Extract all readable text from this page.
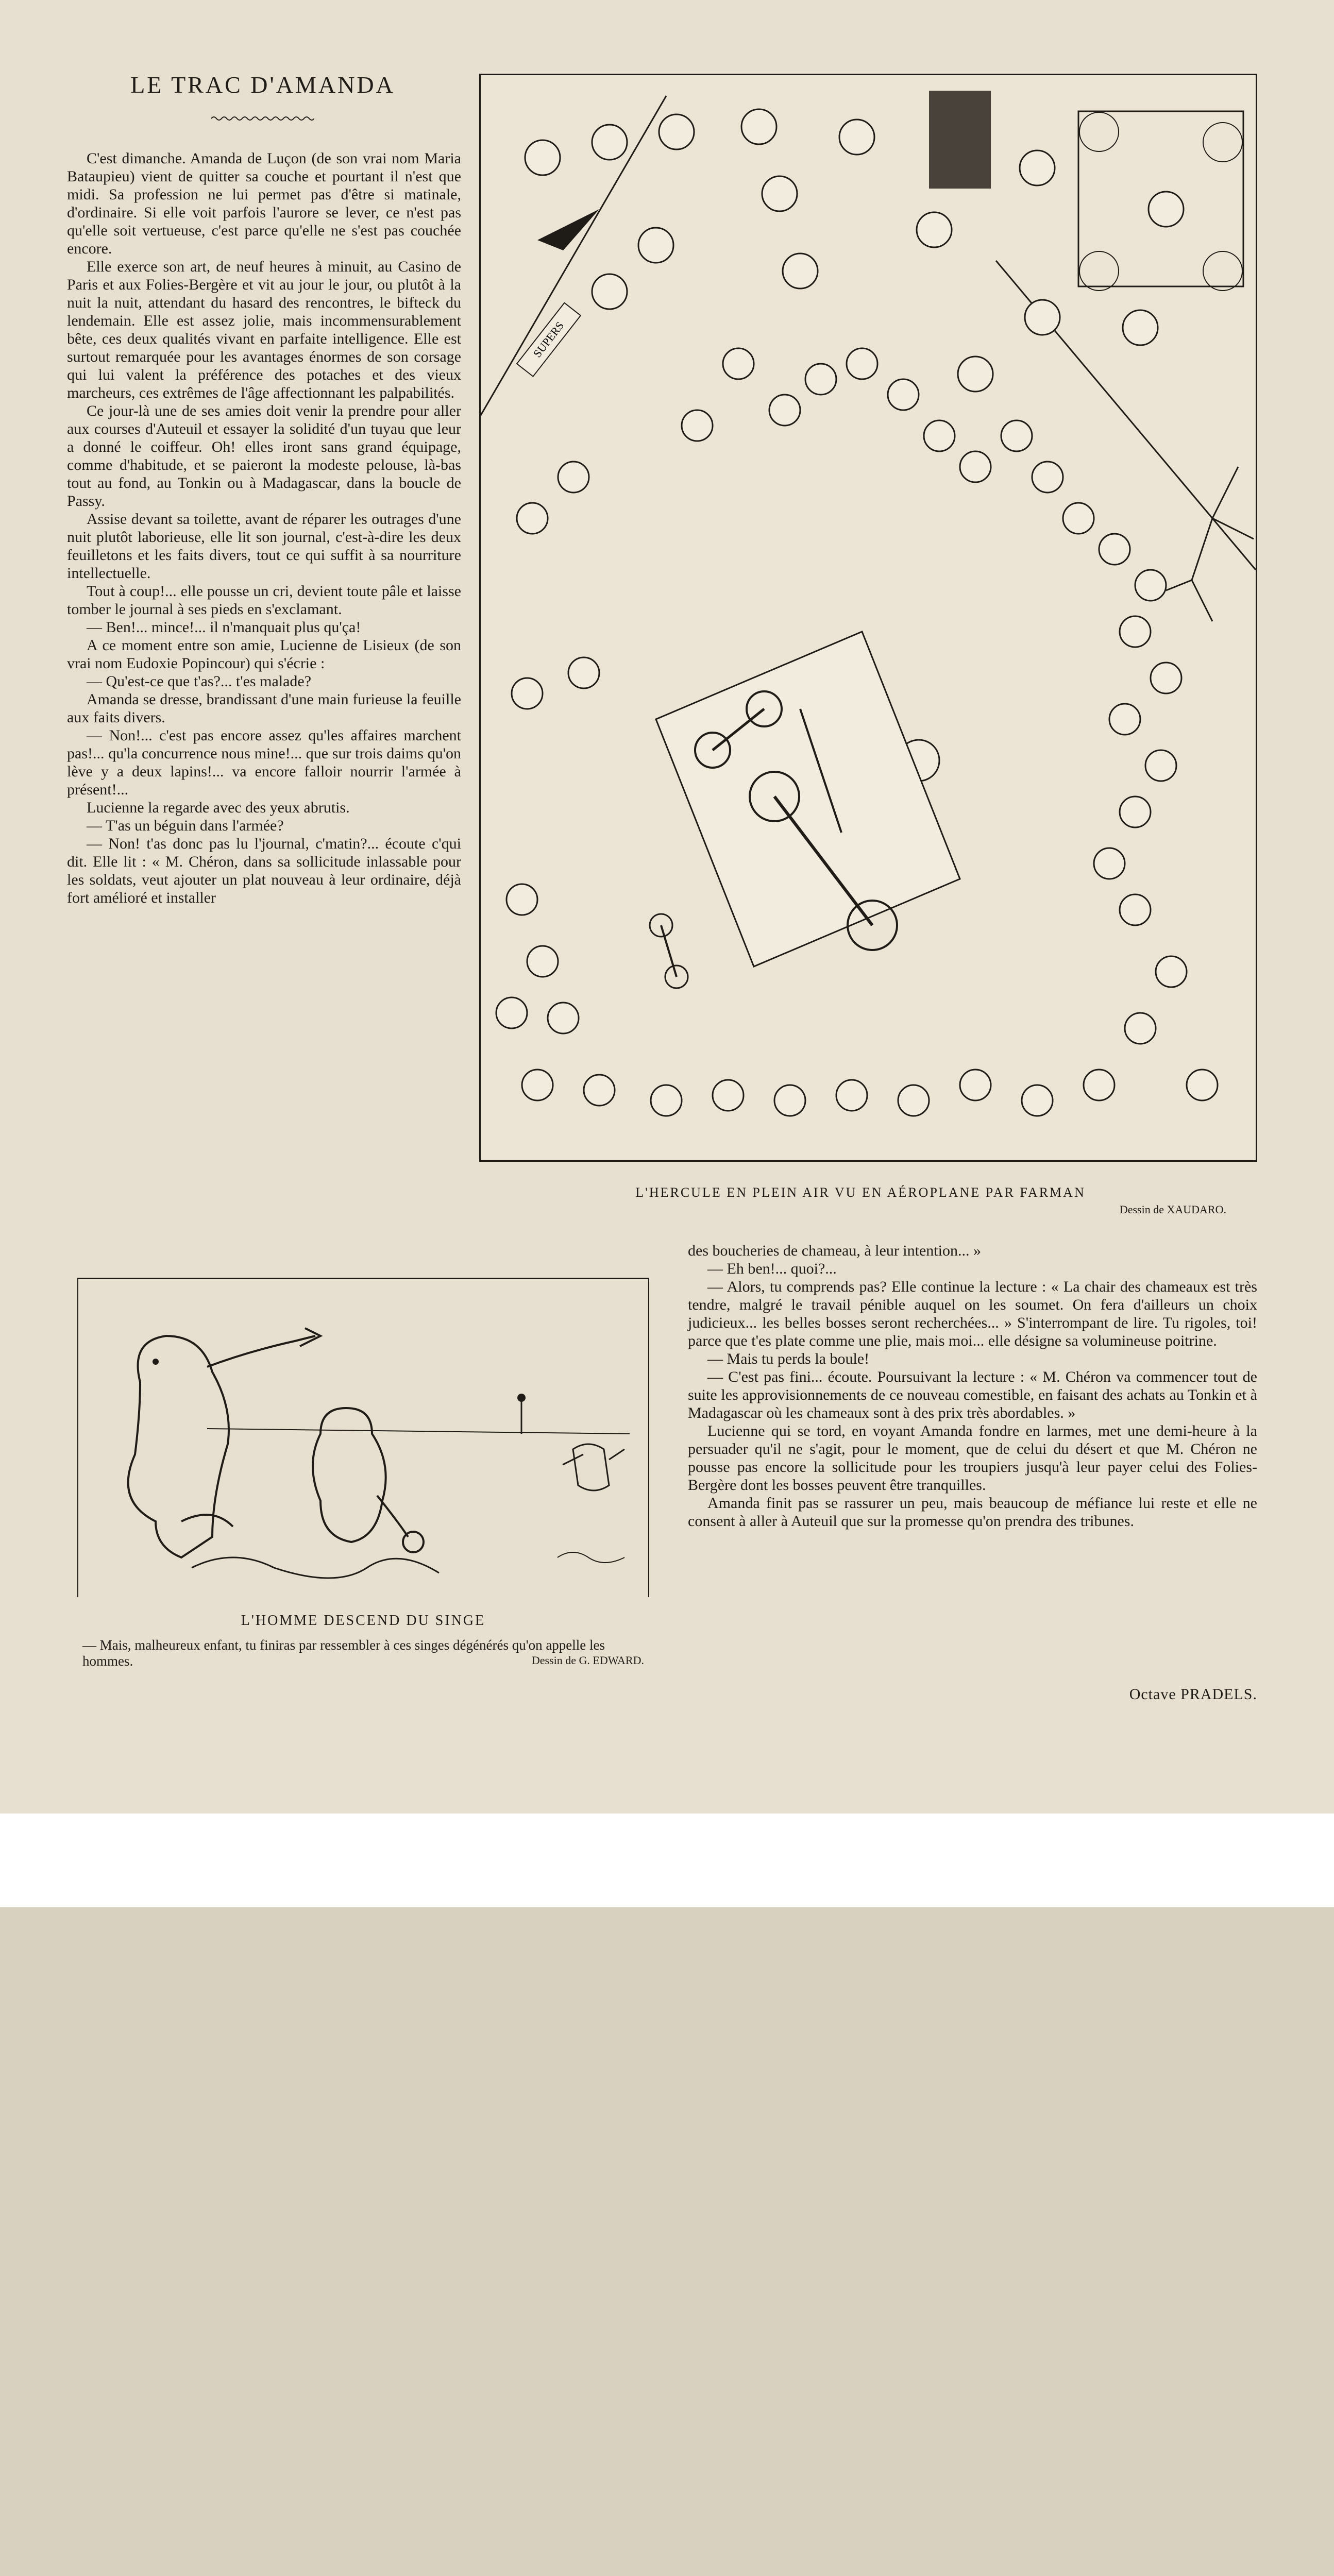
LE TRAC D'AMANDA

C'est dimanche. Amanda de Luçon (de son vrai nom Maria Bataupieu) vient de quitter sa couche et pourtant il n'est que midi. Sa profession ne lui permet pas d'être si matinale, d'ordinaire. Si elle voit parfois l'aurore se lever, ce n'est pas qu'elle soit vertueuse, c'est parce qu'elle ne s'est pas couchée encore.

Elle exerce son art, de neuf heures à minuit, au Casino de Paris et aux Folies-Bergère et vit au jour le jour, ou plutôt à la nuit la nuit, attendant du hasard des rencontres, le bifteck du lendemain. Elle est assez jolie, mais incommensurablement bête, ces deux qualités vivant en parfaite intelligence. Elle est surtout remarquée pour les avantages énormes de son corsage qui lui valent la préférence des potaches et des vieux marcheurs, ces extrêmes de l'âge affectionnant les palpabilités.

Ce jour-là une de ses amies doit venir la prendre pour aller aux courses d'Auteuil et essayer la solidité d'un tuyau que leur a donné le coiffeur. Oh! elles iront sans grand équipage, comme d'habitude, et se paieront la modeste pelouse, là-bas tout au fond, au Tonkin ou à Madagascar, dans la boucle de Passy.

Assise devant sa toilette, avant de réparer les outrages d'une nuit plutôt laborieuse, elle lit son journal, c'est-à-dire les deux feuilletons et les faits divers, tout ce qui suffit à sa nourriture intellectuelle.

Tout à coup!... elle pousse un cri, devient toute pâle et laisse tomber le journal à ses pieds en s'exclamant.

— Ben!... mince!... il n'manquait plus qu'ça!

A ce moment entre son amie, Lucienne de Lisieux (de son vrai nom Eudoxie Popincour) qui s'écrie :

— Qu'est-ce que t'as?... t'es malade?

Amanda se dresse, brandissant d'une main furieuse la feuille aux faits divers.

— Non!... c'est pas encore assez qu'les affaires marchent pas!... qu'la concurrence nous mine!... que sur trois daims qu'on lève y a deux lapins!... va encore falloir nourrir l'armée à présent!...

Lucienne la regarde avec des yeux abrutis.

— T'as un béguin dans l'armée?

— Non! t'as donc pas lu l'journal, c'matin?... écoute c'qui dit. Elle lit : « M. Chéron, dans sa sollicitude inlassable pour les soldats, veut ajouter un plat nouveau à leur ordinaire, déjà fort amélioré et installer

SUPERS
L'HERCULE EN PLEIN AIR VU EN AÉROPLANE PAR FARMAN
Dessin de XAUDARO.
L'HOMME DESCEND DU SINGE
— Mais, malheureux enfant, tu finiras par ressembler à ces singes dégénérés qu'on appelle les hommes.	Dessin de G. EDWARD.

des boucheries de chameau, à leur intention... »

— Eh ben!... quoi?...

— Alors, tu comprends pas? Elle continue la lecture : « La chair des chameaux est très tendre, malgré le travail pénible auquel on les soumet. On fera d'ailleurs un choix judicieux... les belles bosses seront recherchées... » S'interrompant de lire. Tu rigoles, toi! parce que t'es plate comme une plie, mais moi... elle désigne sa volumineuse poitrine.

— Mais tu perds la boule!

— C'est pas fini... écoute. Poursuivant la lecture : « M. Chéron va commencer tout de suite les approvisionnements de ce nouveau comestible, en faisant des achats au Tonkin et à Madagascar où les chameaux sont à des prix très abordables. »

Lucienne qui se tord, en voyant Amanda fondre en larmes, met une demi-heure à la persuader qu'il ne s'agit, pour le moment, que de celui du désert et que M. Chéron ne pousse pas encore la sollicitude pour les troupiers jusqu'à leur payer celui des Folies-Bergère dont les bosses peuvent être tranquilles.

Amanda finit pas se rassurer un peu, mais beaucoup de méfiance lui reste et elle ne consent à aller à Auteuil que sur la promesse qu'on prendra des tribunes.

Octave PRADELS.
